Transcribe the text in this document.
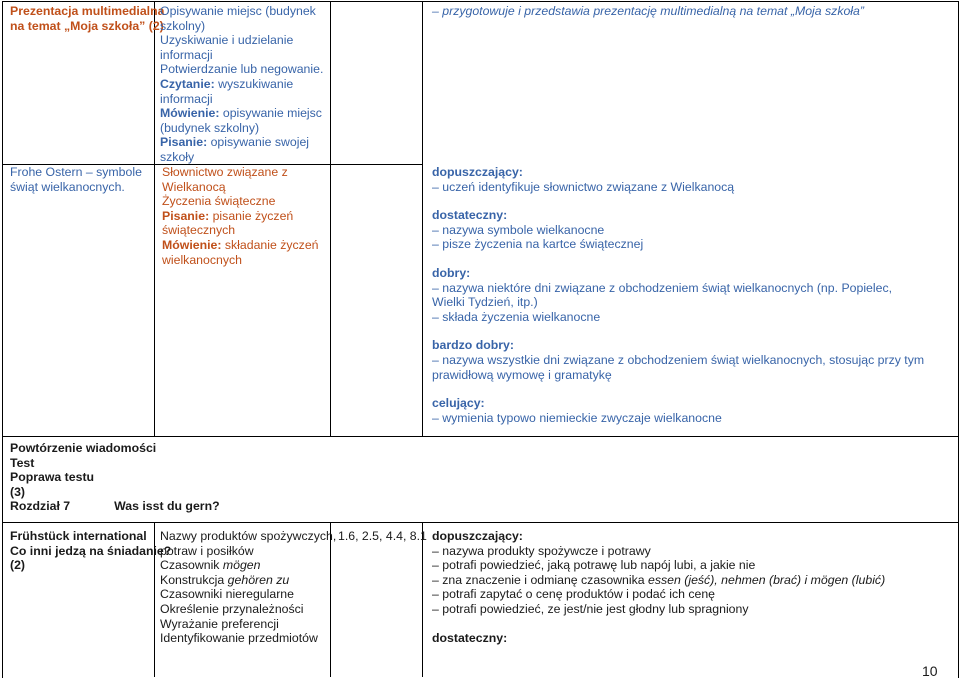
Prezentacja multimedialna
na temat „Moja szkoła” (2)
Opisywanie miejsc (budynek
szkolny)
Uzyskiwanie i udzielanie
informacji
Potwierdzanie lub negowanie.
Czytanie: wyszukiwanie
informacji
Mówienie: opisywanie miejsc
(budynek szkolny)
Pisanie: opisywanie swojej
szkoły
– przygotowuje i przedstawia prezentację multimedialną na temat „Moja szkoła”
Frohe Ostern – symbole
świąt wielkanocnych.
Słownictwo związane z
Wielkanocą
Życzenia świąteczne
Pisanie: pisanie życzeń
świątecznych
Mówienie: składanie życzeń
wielkanocnych
dopuszczający:
– uczeń identyfikuje słownictwo związane z Wielkanocą
dostateczny:
– nazywa symbole wielkanocne
– pisze życzenia na kartce świątecznej
dobry:
– nazywa niektóre dni związane z obchodzeniem świąt wielkanocnych (np. Popielec,
Wielki Tydzień, itp.)
– składa życzenia wielkanocne
bardzo dobry:
– nazywa wszystkie dni związane z obchodzeniem świąt wielkanocnych, stosując przy tym
prawidłową wymowę i gramatykę
celujący:
– wymienia typowo niemieckie zwyczaje wielkanocne
Powtórzenie wiadomości
Test
Poprawa testu
(3)
Rozdział 7	Was isst du gern?
Frühstück international
Co inni jedzą na śniadanie?
(2)
Nazwy produktów spożywczych,
potraw i posiłków
Czasownik mögen
Konstrukcja gehören zu
Czasowniki nieregularne
Określenie przynależności
Wyrażanie preferencji
Identyfikowanie przedmiotów
1.6, 2.5, 4.4, 8.1 dopuszczający:
– nazywa produkty spożywcze i potrawy
– potrafi powiedzieć, jaką potrawę lub napój lubi, a jakie nie
– zna znaczenie i odmianę czasownika essen (jeść), nehmen (brać) i mögen (lubić)
– potrafi zapytać o cenę produktów i podać ich cenę
– potrafi powiedzieć, ze jest/nie jest głodny lub spragniony
dostateczny:
10
